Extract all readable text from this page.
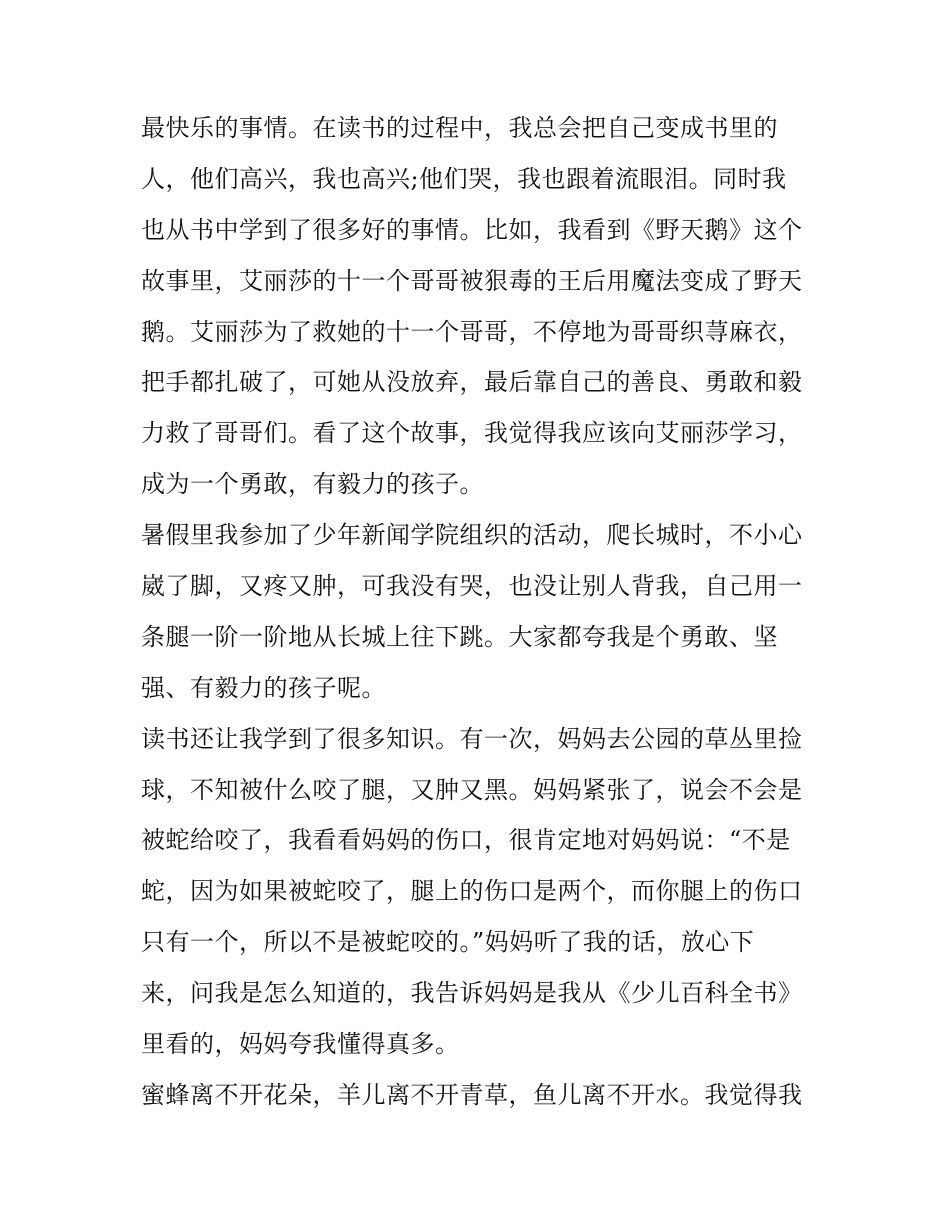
最快乐的事情。在读书的过程中，我总会把自己变成书里的
人，他们高兴，我也高兴;他们哭，我也跟着流眼泪。同时我
也从书中学到了很多好的事情。比如，我看到《野天鹅》这个
故事里，艾丽莎的十一个哥哥被狠毒的王后用魔法变成了野天
鹅。艾丽莎为了救她的十一个哥哥，不停地为哥哥织荨麻衣，
把手都扎破了，可她从没放弃，最后靠自己的善良、勇敢和毅
力救了哥哥们。看了这个故事，我觉得我应该向艾丽莎学习，
成为一个勇敢，有毅力的孩子。
暑假里我参加了少年新闻学院组织的活动，爬长城时，不小心
崴了脚，又疼又肿，可我没有哭，也没让别人背我，自己用一
条腿一阶一阶地从长城上往下跳。大家都夸我是个勇敢、坚
强、有毅力的孩子呢。
读书还让我学到了很多知识。有一次，妈妈去公园的草丛里捡
球，不知被什么咬了腿，又肿又黑。妈妈紧张了，说会不会是
被蛇给咬了，我看看妈妈的伤口，很肯定地对妈妈说：“不是
蛇，因为如果被蛇咬了，腿上的伤口是两个，而你腿上的伤口
只有一个，所以不是被蛇咬的。”妈妈听了我的话，放心下
来，问我是怎么知道的，我告诉妈妈是我从《少儿百科全书》
里看的，妈妈夸我懂得真多。
蜜蜂离不开花朵，羊儿离不开青草，鱼儿离不开水。我觉得我
